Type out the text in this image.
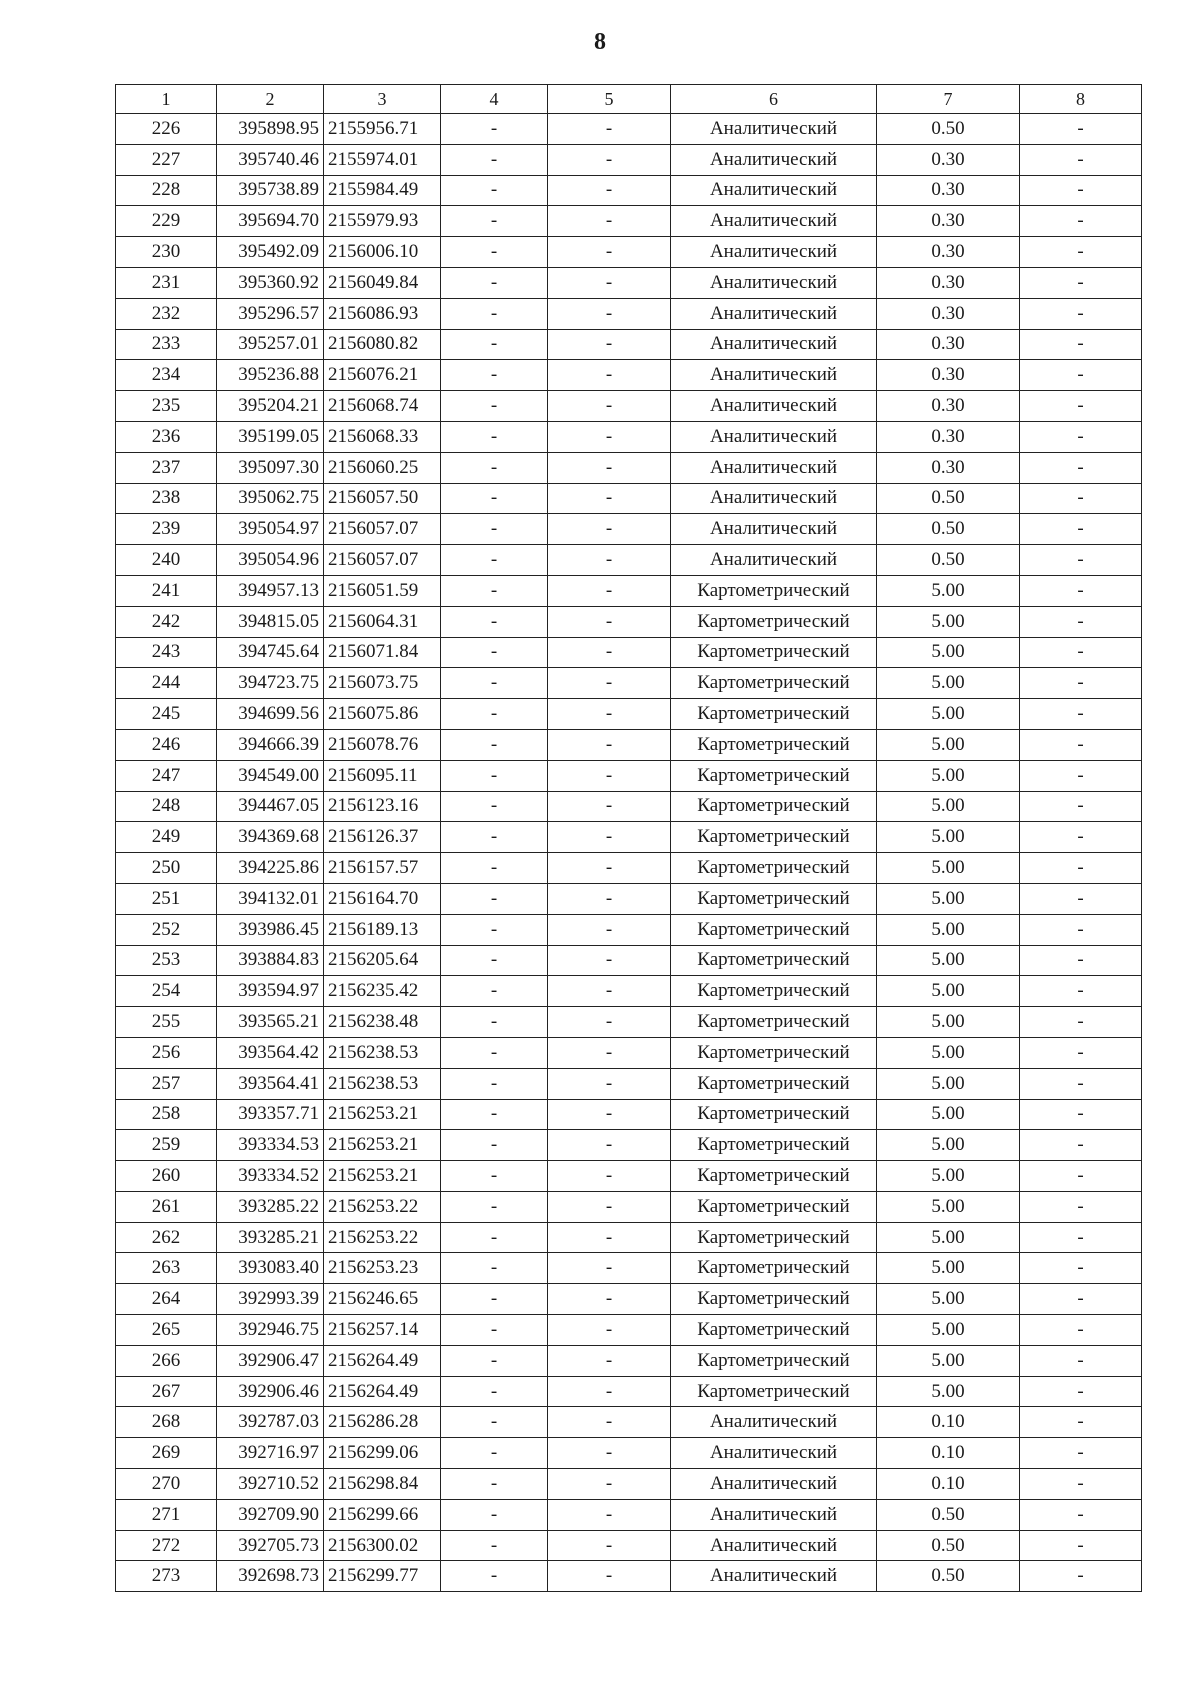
8
1	2	3	4	5	6	7	8
226	395898.95	2155956.71	-	-	Аналитический	0.50	-
227	395740.46	2155974.01	-	-	Аналитический	0.30	-
228	395738.89	2155984.49	-	-	Аналитический	0.30	-
229	395694.70	2155979.93	-	-	Аналитический	0.30	-
230	395492.09	2156006.10	-	-	Аналитический	0.30	-
231	395360.92	2156049.84	-	-	Аналитический	0.30	-
232	395296.57	2156086.93	-	-	Аналитический	0.30	-
233	395257.01	2156080.82	-	-	Аналитический	0.30	-
234	395236.88	2156076.21	-	-	Аналитический	0.30	-
235	395204.21	2156068.74	-	-	Аналитический	0.30	-
236	395199.05	2156068.33	-	-	Аналитический	0.30	-
237	395097.30	2156060.25	-	-	Аналитический	0.30	-
238	395062.75	2156057.50	-	-	Аналитический	0.50	-
239	395054.97	2156057.07	-	-	Аналитический	0.50	-
240	395054.96	2156057.07	-	-	Аналитический	0.50	-
241	394957.13	2156051.59	-	-	Картометрический	5.00	-
242	394815.05	2156064.31	-	-	Картометрический	5.00	-
243	394745.64	2156071.84	-	-	Картометрический	5.00	-
244	394723.75	2156073.75	-	-	Картометрический	5.00	-
245	394699.56	2156075.86	-	-	Картометрический	5.00	-
246	394666.39	2156078.76	-	-	Картометрический	5.00	-
247	394549.00	2156095.11	-	-	Картометрический	5.00	-
248	394467.05	2156123.16	-	-	Картометрический	5.00	-
249	394369.68	2156126.37	-	-	Картометрический	5.00	-
250	394225.86	2156157.57	-	-	Картометрический	5.00	-
251	394132.01	2156164.70	-	-	Картометрический	5.00	-
252	393986.45	2156189.13	-	-	Картометрический	5.00	-
253	393884.83	2156205.64	-	-	Картометрический	5.00	-
254	393594.97	2156235.42	-	-	Картометрический	5.00	-
255	393565.21	2156238.48	-	-	Картометрический	5.00	-
256	393564.42	2156238.53	-	-	Картометрический	5.00	-
257	393564.41	2156238.53	-	-	Картометрический	5.00	-
258	393357.71	2156253.21	-	-	Картометрический	5.00	-
259	393334.53	2156253.21	-	-	Картометрический	5.00	-
260	393334.52	2156253.21	-	-	Картометрический	5.00	-
261	393285.22	2156253.22	-	-	Картометрический	5.00	-
262	393285.21	2156253.22	-	-	Картометрический	5.00	-
263	393083.40	2156253.23	-	-	Картометрический	5.00	-
264	392993.39	2156246.65	-	-	Картометрический	5.00	-
265	392946.75	2156257.14	-	-	Картометрический	5.00	-
266	392906.47	2156264.49	-	-	Картометрический	5.00	-
267	392906.46	2156264.49	-	-	Картометрический	5.00	-
268	392787.03	2156286.28	-	-	Аналитический	0.10	-
269	392716.97	2156299.06	-	-	Аналитический	0.10	-
270	392710.52	2156298.84	-	-	Аналитический	0.10	-
271	392709.90	2156299.66	-	-	Аналитический	0.50	-
272	392705.73	2156300.02	-	-	Аналитический	0.50	-
273	392698.73	2156299.77	-	-	Аналитический	0.50	-
